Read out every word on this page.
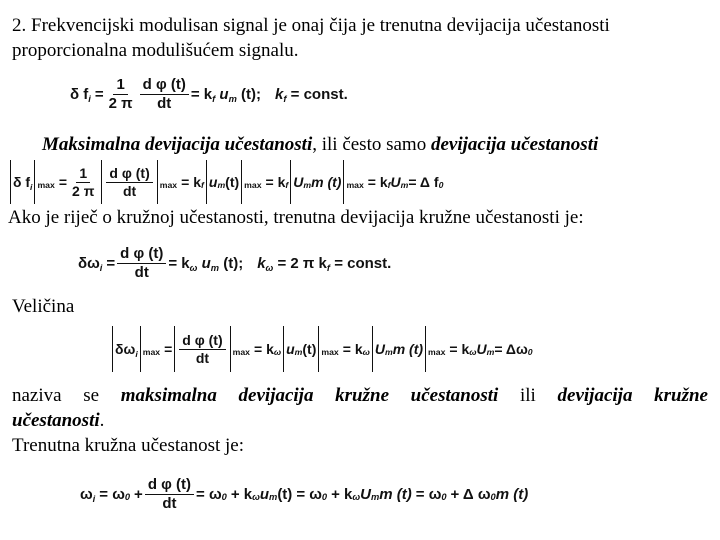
2. Frekvencijski modulisan signal je onaj čija je trenutna devijacija učestanosti
proporcionalna modulišućem signalu.
δ $f_i = \frac{1}{2 \pi} \frac{\text{d φ (t)}}{dt} = k_f$ $u_m$ (t); $k_f$ = const.
Maksimalna devijacija učestanosti, ili često samo devijacija učestanosti
δ $f_i$ $\max = \frac{1}{2 \pi} \frac{\text{d φ (t)}}{dt}$ max = k f u m (t) max = k f U m m (t) max = k f U m = Δ f 0
Ako je riječ o kružnoj učestanosti, trenutna devijacija kružne učestanosti je:
$\delta\omega_i = \frac{\text{d φ (t)}}{dt} = k_\omega$ $u_m$ (t); $k_\omega = 2$ π $k_f$ = const.
Veličina
$\delta\omega_i$ $\max = \frac{\text{d φ (t)}}{dt}$ max = k ω u m (t) max = k ω U m m (t) max = k ω U m = Δω 0
naziva se maksimalna devijacija kružne učestanosti ili devijacija kružne
učestanosti.
Trenutna kružna učestanost je:
$\omega_i = \omega$ $0 + \frac{\text{d φ (t)}}{dt} = \omega$ 0 + k ω u m (t) = ω 0 + k ω U m m (t) = ω 0 + Δ ω 0 m (t)
